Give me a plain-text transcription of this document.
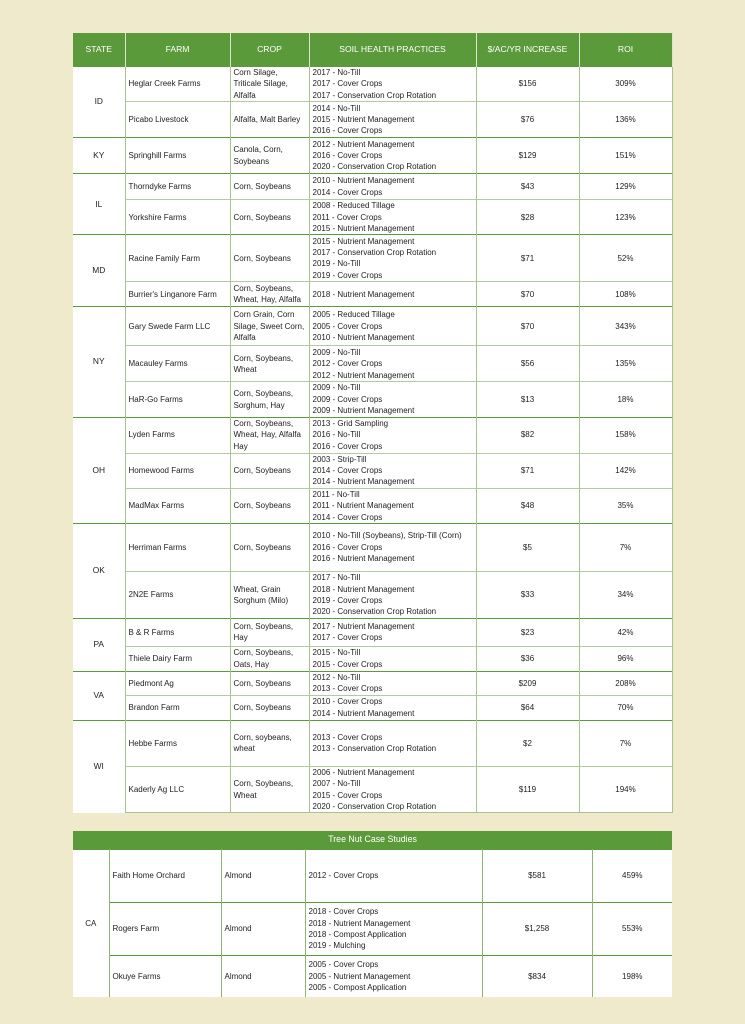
STATE	FARM	CROP	SOIL HEALTH PRACTICES	$/AC/YR INCREASE	ROI
ID	Heglar Creek Farms	Corn Silage,
Triticale Silage,
Alfalfa	2017 - No-Till
2017 - Cover Crops
2017 - Conservation Crop Rotation	$156	309%
	Picabo Livestock	Alfalfa, Malt Barley	2014 - No-Till
2015 - Nutrient Management
2016 - Cover Crops	$76	136%
KY	Springhill Farms	Canola, Corn,
Soybeans	2012 - Nutrient Management
2016 - Cover Crops
2020 - Conservation Crop Rotation	$129	151%
IL	Thorndyke Farms	Corn, Soybeans	2010 - Nutrient Management
2014 - Cover Crops	$43	129%
	Yorkshire Farms	Corn, Soybeans	2008 - Reduced Tillage
2011 - Cover Crops
2015 - Nutrient Management	$28	123%
MD	Racine Family Farm	Corn, Soybeans	2015 - Nutrient Management
2017 - Conservation Crop Rotation
2019 - No-Till
2019 - Cover Crops	$71	52%
	Burrier's Linganore Farm	Corn, Soybeans,
Wheat, Hay, Alfalfa	2018 - Nutrient Management	$70	108%
NY	Gary Swede Farm LLC	Corn Grain, Corn
Silage, Sweet Corn,
Alfalfa	2005 - Reduced Tillage
2005 - Cover Crops
2010 - Nutrient Management	$70	343%
	Macauley Farms	Corn, Soybeans,
Wheat	2009 - No-Till
2012 - Cover Crops
2012 - Nutrient Management	$56	135%
	HaR-Go Farms	Corn, Soybeans,
Sorghum, Hay	2009 - No-Till
2009 - Cover Crops
2009 - Nutrient Management	$13	18%
OH	Lyden Farms	Corn, Soybeans,
Wheat, Hay, Alfalfa
Hay	2013 - Grid Sampling
2016 - No-Till
2016 - Cover Crops	$82	158%
	Homewood Farms	Corn, Soybeans	2003 - Strip-Till
2014 - Cover Crops
2014 - Nutrient Management	$71	142%
	MadMax Farms	Corn, Soybeans	2011 - No-Till
2011 - Nutrient Management
2014 - Cover Crops	$48	35%
OK	Herriman Farms	Corn, Soybeans	2010 - No-Till (Soybeans), Strip-Till (Corn)
2016 - Cover Crops
2016 - Nutrient Management	$5	7%
	2N2E Farms	Wheat, Grain
Sorghum (Milo)	2017 - No-Till
2018 - Nutrient Management
2019 - Cover Crops
2020 - Conservation Crop Rotation	$33	34%
PA	B & R Farms	Corn, Soybeans,
Hay	2017 - Nutrient Management
2017 - Cover Crops	$23	42%
	Thiele Dairy Farm	Corn, Soybeans,
Oats, Hay	2015 - No-Till
2015 - Cover Crops	$36	96%
VA	Piedmont Ag	Corn, Soybeans	2012 - No-Till
2013 - Cover Crops	$209	208%
	Brandon Farm	Corn, Soybeans	2010 - Cover Crops
2014 - Nutrient Management	$64	70%
WI	Hebbe Farms	Corn, soybeans,
wheat	2013 - Cover Crops
2013 - Conservation Crop Rotation	$2	7%
	Kaderly Ag LLC	Corn, Soybeans,
Wheat	2006 - Nutrient Management
2007 - No-Till
2015 - Cover Crops
2020 - Conservation Crop Rotation	$119	194%
Tree Nut Case Studies					
CA	Faith Home Orchard	Almond	2012 - Cover Crops	$581	459%
	Rogers Farm	Almond	2018 - Cover Crops
2018 - Nutrient Management
2018 - Compost Application
2019 - Mulching	$1,258	553%
	Okuye Farms	Almond	2005 - Cover Crops
2005 - Nutrient Management
2005 - Compost Application	$834	198%
